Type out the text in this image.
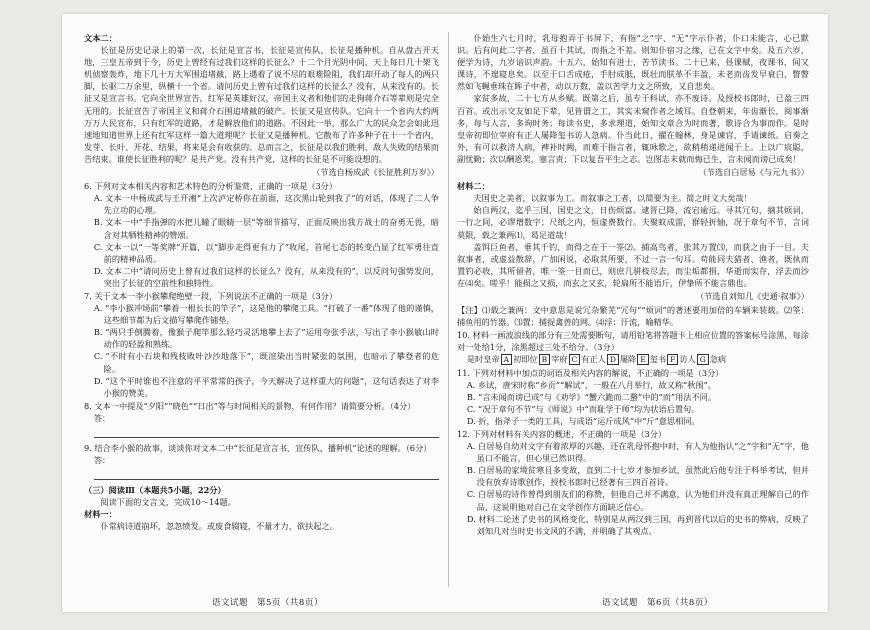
文本二：

长征是历史记录上的第一次，长征是宣言书，长征是宣传队，长征是播种机。自从盘古开天地，三皇五帝到于今，历史上曾经有过我们这样的长征么？十二个月光阴中间，天上每日几十架飞机侦察轰炸，地下几十万大军围追堵截，路上遇着了说不尽的艰难险阻，我们却开动了每人的两只脚，长驱二万余里，纵横十一个省。请问历史上曾有过我们这样的长征么？没有，从来没有的。长征又是宣言书。它向全世界宣告，红军是英雄好汉，帝国主义者和他们的走狗蒋介石等辈则是完全无用的。长征宣告了帝国主义和蒋介石围追堵截的破产。长征又是宣传队。它向十一个省内大约两万万人民宣布，只有红军的道路，才是解放他们的道路。不因此一举，那么广大的民众怎会如此迅速地知道世界上还有红军这样一篇大道理呢？长征又是播种机。它散布了许多种子在十一个省内，发芽、长叶、开花、结果，将来是会有收获的。总而言之，长征是以我们胜利、敌人失败的结果而告结束。谁使长征胜利的呢？是共产党。没有共产党，这样的长征是不可能设想的。

（节选自杨成武《长征胜利万岁》）

6. 下列对文本相关内容和艺术特色的分析鉴赏，正确的一项是（3分）

A. 文本一中杨成武与王开湘“上次泸定桥你在前面，这次黑山轮到我了”的对话，体现了二人争先立功的心理。

B. 文本一中“手指弹的水把儿瞳了眼睛一层”等细节描写，正面反映出我方战士的奋勇无畏，暗含对其牺牲精神的赞颂。

C. 文本一以“一等奖牌”开篇，以“脚步走得更有力了”收尾，首尾七态的转变凸显了红军勇往直前的精神品质。

D. 文本二中“请问历史上曾有过我们这样的长征么？没有，从来没有的”，以反问句强势发问，突出了长征的空前性和独特性。

7. 关于文本一李小猴攀爬绝壁一段，下列说法不正确的一项是（3分）

A. “李小猴冲场前”攀着一根长长的竿子”，这是他的攀爬工具。“打破了一番”体现了他的谨慎，这些细节都为后文描写攀爬作铺垫。

B. “两只手倒腾着，像猴子爬竿那么轻巧灵活地攀上去了”运用夸张手法，写出了李小猴敏山时动作的轻盈和熟练。

C. “不时有小石块和残枝败叶沙沙地落下”，既渲染出当时紧张的氛围，也暗示了攀登者的危险。

D. “这个平时谁也不注意的平平常常的孩子，今天解决了这样重大的问题”，这句话表达了对李小猴的赞美。

8. 文本一中提及“夕阳”“晓色”“日出”等与时间相关的景物，有何作用？请简要分析。（4分）

答：

9. 结合李小猴的故事，谈谈你对文本二中“长征是宣言书、宣传队、播种机”论述的理解。（6分）

答：

（三）阅读Ⅲ（本题共5小题，22分）

阅读下面的文言文，完成10～14题。

材料一：

仆常病诗道崩坏，忽忽愤发。或废食辍寝，不量才力，欲扶起之。

仆始生六七月时，乳母抱弄于书屏下，有指“之”字、“无”字示仆者，仆口未能言，心已默识。后有问此二字者，虽百十其试，而指之不差。则知仆宿习之缘，已在文字中矣。及五六岁，便学为诗，九岁谙识声韵。十五六，始知有进士，苦节读书。二十已来，昼课赋，夜课书，间又课诗，不遑寝息矣。以至于口舌成疮，手肘成胝，既壮而肤革不丰盈，未老而齿发早衰白，瞥瞥然如飞蝇垂珠在眸子中者，动以万数，盖以苦学力文之所致，又自悲矣。

家贫多故，二十七方从乡赋。既第之后，虽专于科试，亦不废诗。及授校书郎时，已盈三四百首。或出示交友如足下辈，见皆谓之工，其实未窥作者之域耳。自登朝来，年齿渐长，阅事渐多，每与人言，多询时务；每读书史，多求理道，始知文章合为时而著，歌诗合为事而作。是时皇帝初即位宰府有正人屡降玺书访人急病。仆当此日，擢在翰林，身是谏官，手请谏纸。启奏之外，有可以救济人病，裨补时阙，而难于指言者，辄咏歌之，欲稍稍递进闻于上。上以广宸聪，副忧勤；次以酬恩奖，塞言责；下以复吾平生之志。岂图志未就而悔已生，言未闻而谤已成矣！

（节选自白居易《与元九书》）

材料二：

夫国史之美者，以叙事为工。而叙事之工者，以简要为主。简之时义大矣哉！

始自两汉，迄乎三国，国史之文，日伤烦富。逮晋已降，流宕逾远。寻其冗句，摘其烦词，一行之间，必谬增数字；尺纸之内，恒虚费数行。夫聚蚊成雷，群轻折轴，况于章句不节，言词莫限，载之兼两⑴，曷足道哉！

盖饵巨鱼者，垂其千钓，而得之在于一筌⑵。捕高鸟者，张其万置⑶，而获之由于一目。夫叙事者，或虚益散辞，广加闲说，必取其所要，不过一言一句耳。苟能同夫猎者、渔者，既执而置钓必收，其所留者，唯一筌一目而已，则庶几骈枝尽去，而尘垢都捐，华逝而实存，浮去而沙在⑷矣。嗟乎！能损之又损，而玄之又玄，轮扁所不能语斤，伊挚所不能言鼎也。

（节选自刘知几《史通·叙事》）

【注】⑴载之兼两：文中意思是说冗杂繁芜“冗句”“烦词”的著述要用加倍的车辆来装载。⑵筌：捕鱼用的竹器。⑶置：捕捉禽兽的网。⑷浮：汗流，喻精华。

10. 材料一画波浪线的部分有三处需要断句，请用铅笔将答题卡上相应位置的答案标号涂黑，每涂对一处给1分，涂黑超过三处不给分。（3分）

是时皇帝 A 初即位 B 宰府 C 有正人 D 屡降 E 玺书 F 访人 G 急病

11. 下列对材料中加点的词语及相关内容的解说，不正确的一项是（3分）

A. 乡试，唐宋时称“乡贡”“解试”，一般在八月举行，故又称“秋闱”。

B. “言未闻而谤已成”与《劝学》“蟹六跪而二螯”中的“而”用法不同。

C. “况于章句不节”与《师说》中“而耻学于师”均为状语后置句。

D. 折，指斧子一类的工具，与成语“运斤成风”中“斤”意思相同。

12. 下列对材料有关内容的概述，不正确的一项是（3分）

A. 白居易自幼对文字有着浓厚的兴趣，还在乳母怀抱中时，有人为他指认“之”字和“无”字，他虽口不能言，但心里已然识得。

B. 白居易的家境贫寒且多变故，直到二十七岁才参加乡试，虽然此后他专注于科举考试，但并没有放弃诗歌创作，授校书郎时已经著有三四百首诗。

C. 白居易的诗作曾得到朋友们的称赞，但他自己并不满意，认为他们并没有真正理解自己的作品，这说明他对自己在文学创作方面缺乏信心。

D. 材料二论述了史书的风格变化，特别是从两汉到三国，再到晋代以后的史书的弊病，反映了刘知几对当时史书文风的不满，并明确了其观点。

语文试题　第5页（共8页）	语文试题　第6页（共8页）
